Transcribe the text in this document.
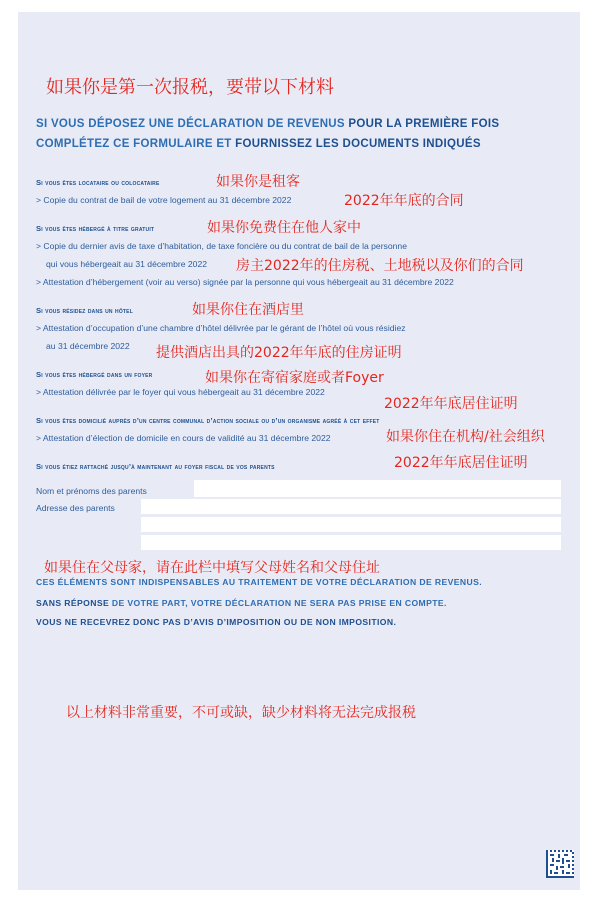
如果你是第一次报税，要带以下材料
SI VOUS DÉPOSEZ UNE DÉCLARATION DE REVENUS POUR LA PREMIÈRE FOIS
COMPLÉTEZ CE FORMULAIRE ET FOURNISSEZ LES DOCUMENTS INDIQUÉS
Si vous êtes locataire ou colocataire	如果你是租客
> Copie du contrat de bail de votre logement au 31 décembre 2022	2022年年底的合同
Si vous êtes hébergé à titre gratuit	如果你免费住在他人家中
> Copie du dernier avis de taxe d’habitation, de taxe foncière ou du contrat de bail de la personne
qui vous hébergeait au 31 décembre 2022 房主2022年的住房税、土地税以及你们的合同
> Attestation d’hébergement (voir au verso) signée par la personne qui vous hébergeait au 31 décembre 2022
Si vous résidez dans un hôtel	如果你住在酒店里
> Attestation d’occupation d’une chambre d’hôtel délivrée par le gérant de l’hôtel où vous résidiez
au 31 décembre 2022 提供酒店出具的2022年年底的住房证明
Si vous êtes hébergé dans un foyer	如果你在寄宿家庭或者Foyer
> Attestation délivrée par le foyer qui vous hébergeait au 31 décembre 2022
2022年年底居住证明
Si vous êtes domicilié auprès d’un centre communal d’action sociale ou d’un organisme agréé à cet effet
> Attestation d’élection de domicile en cours de validité au 31 décembre 2022	如果你住在机构/社会组织
Si vous étiez rattaché jusqu’à maintenant au foyer fiscal de vos parents	2022年年底居住证明
Nom et prénoms des parents
Adresse des parents
如果住在父母家，请在此栏中填写父母姓名和父母住址
CES ÉLÉMENTS SONT INDISPENSABLES AU TRAITEMENT DE VOTRE DÉCLARATION DE REVENUS.
SANS RÉPONSE DE VOTRE PART, VOTRE DÉCLARATION NE SERA PAS PRISE EN COMPTE.
VOUS NE RECEVREZ DONC PAS D’AVIS D’IMPOSITION OU DE NON IMPOSITION.
以上材料非常重要，不可或缺，缺少材料将无法完成报税
